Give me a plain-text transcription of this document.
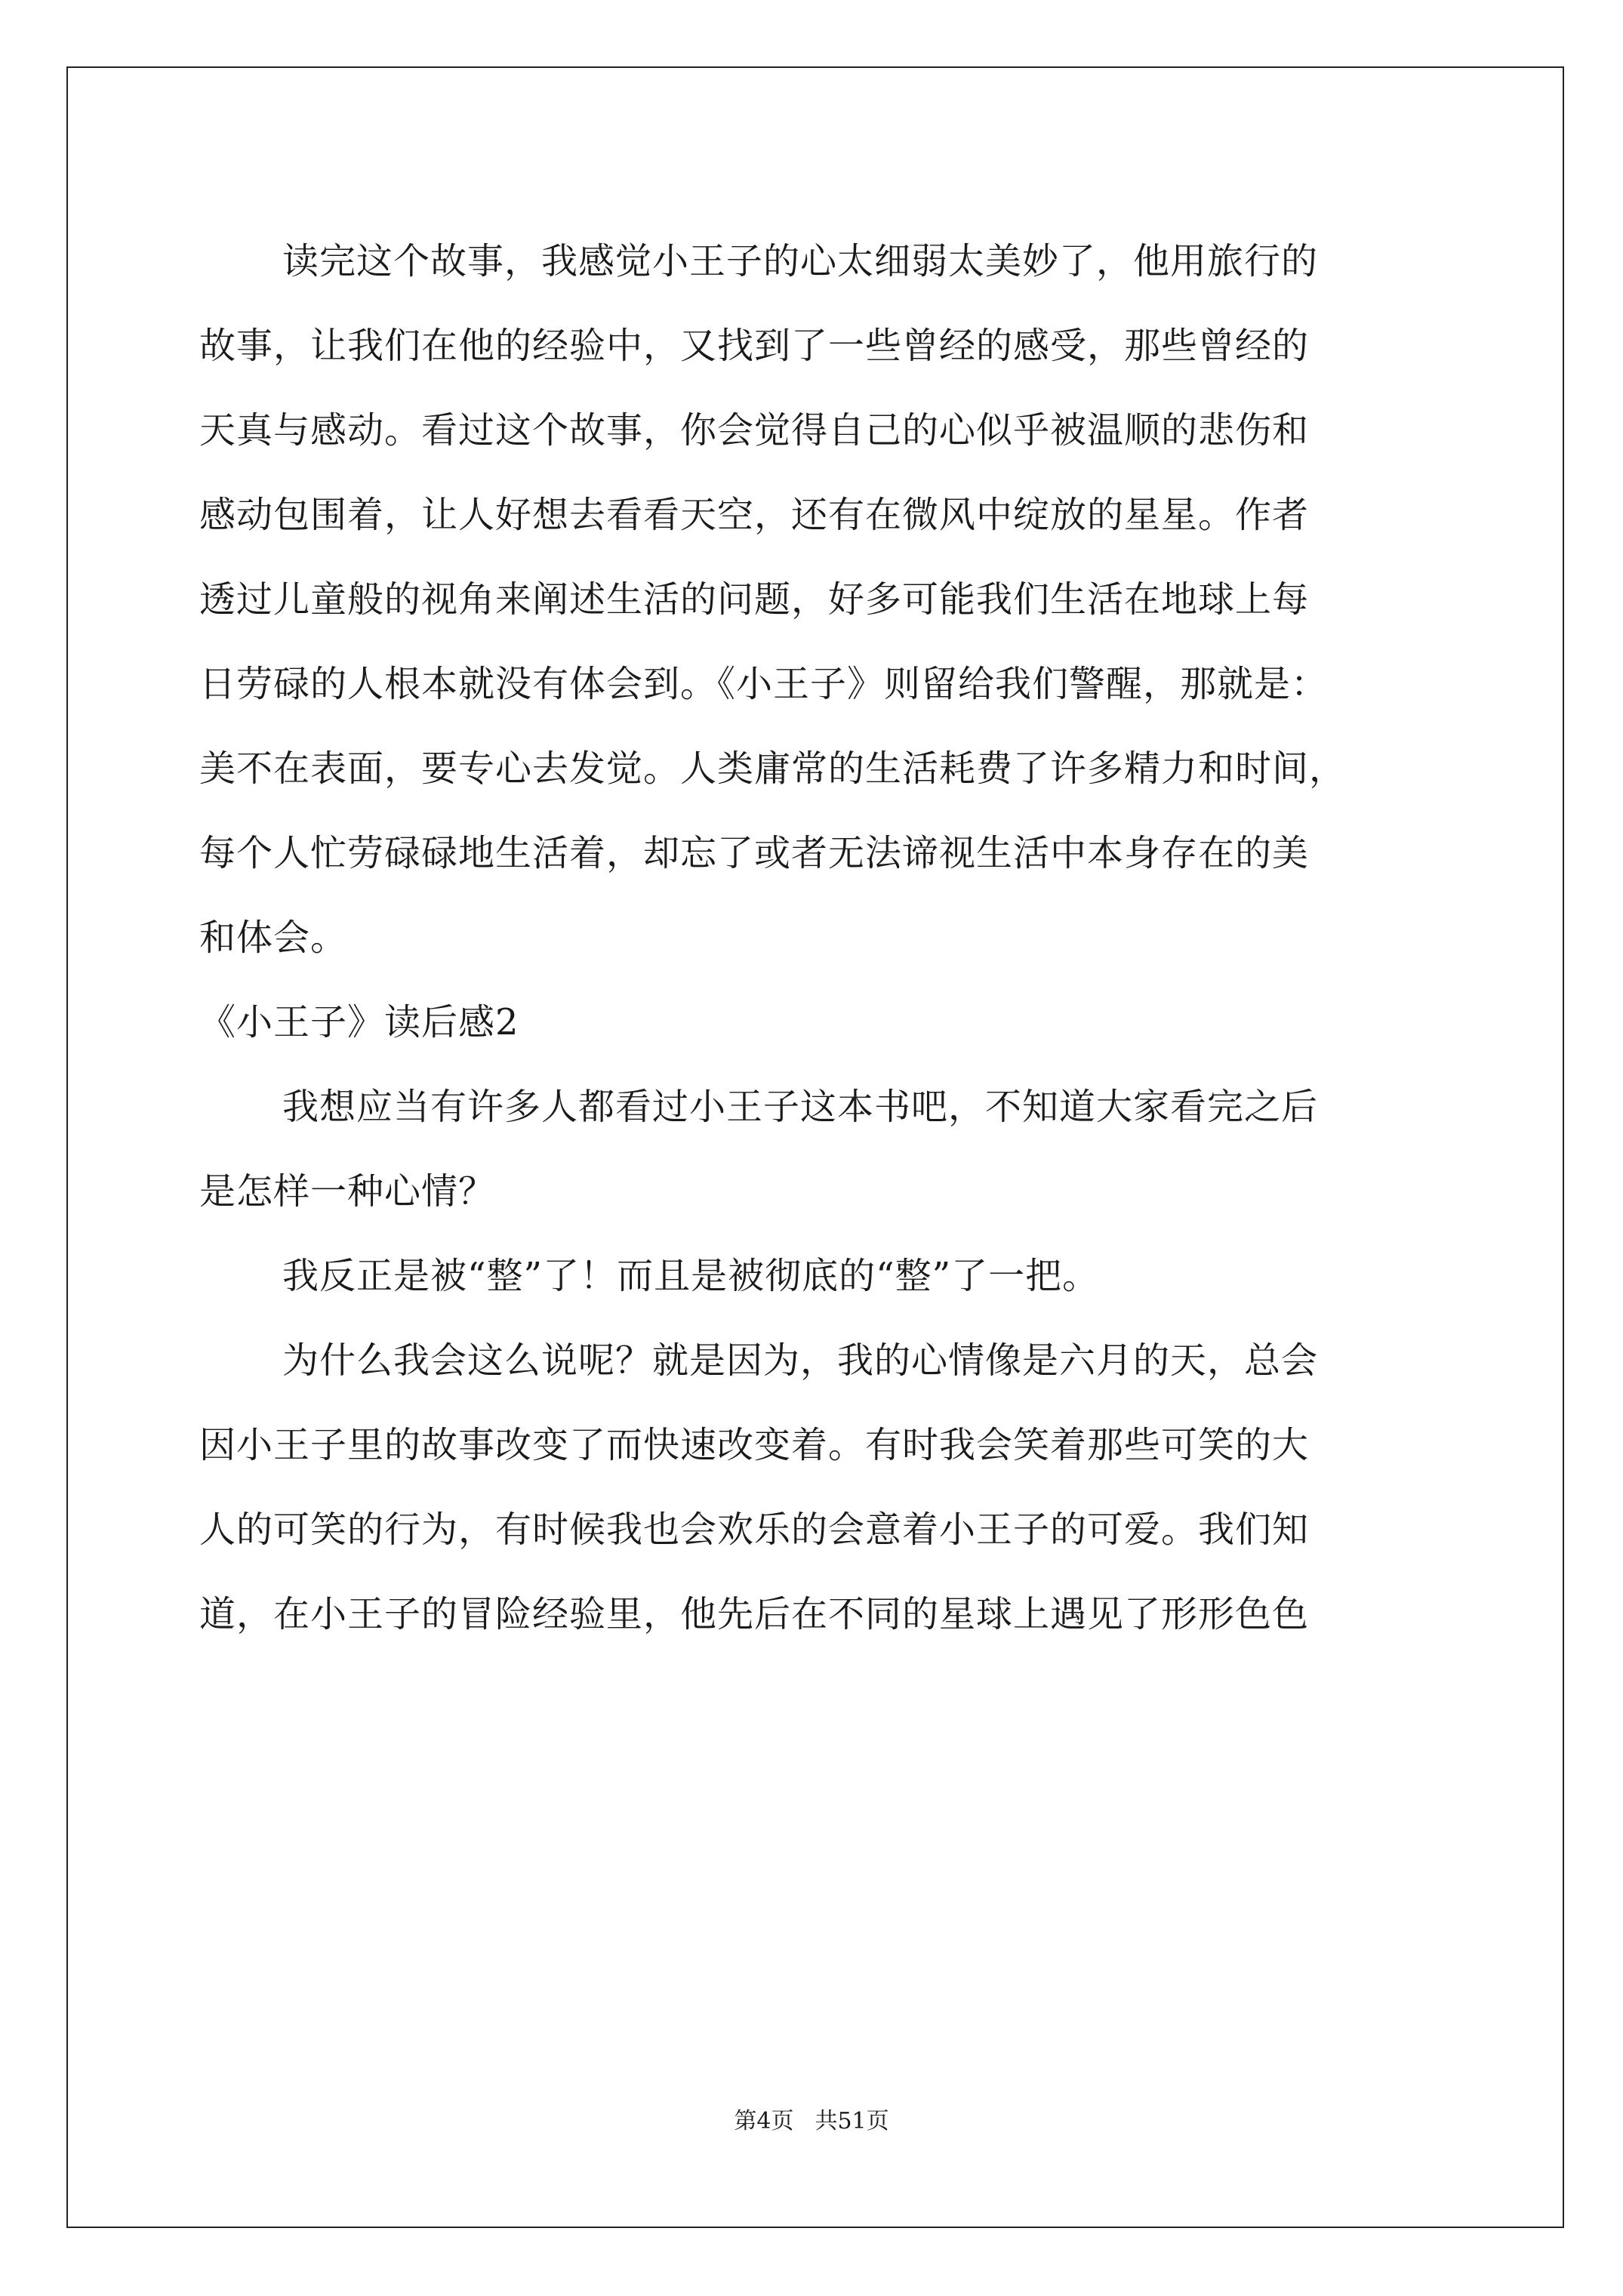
读完这个故事，我感觉小王子的心太细弱太美妙了，他用旅行的
故事，让我们在他的经验中，又找到了一些曾经的感受，那些曾经的
天真与感动。看过这个故事，你会觉得自己的心似乎被温顺的悲伤和
感动包围着，让人好想去看看天空，还有在微风中绽放的星星。作者
透过儿童般的视角来阐述生活的问题，好多可能我们生活在地球上每
日劳碌的人根本就没有体会到。《小王子》则留给我们警醒，那就是：
美不在表面，要专心去发觉。人类庸常的生活耗费了许多精力和时间，
每个人忙劳碌碌地生活着，却忘了或者无法谛视生活中本身存在的美
和体会。
《小王子》读后感2
我想应当有许多人都看过小王子这本书吧，不知道大家看完之后
是怎样一种心情？
我反正是被“整”了！而且是被彻底的“整”了一把。
为什么我会这么说呢？就是因为，我的心情像是六月的天，总会
因小王子里的故事改变了而快速改变着。有时我会笑着那些可笑的大
人的可笑的行为，有时候我也会欢乐的会意着小王子的可爱。我们知
道，在小王子的冒险经验里，他先后在不同的星球上遇见了形形色色
第4页 共51页
